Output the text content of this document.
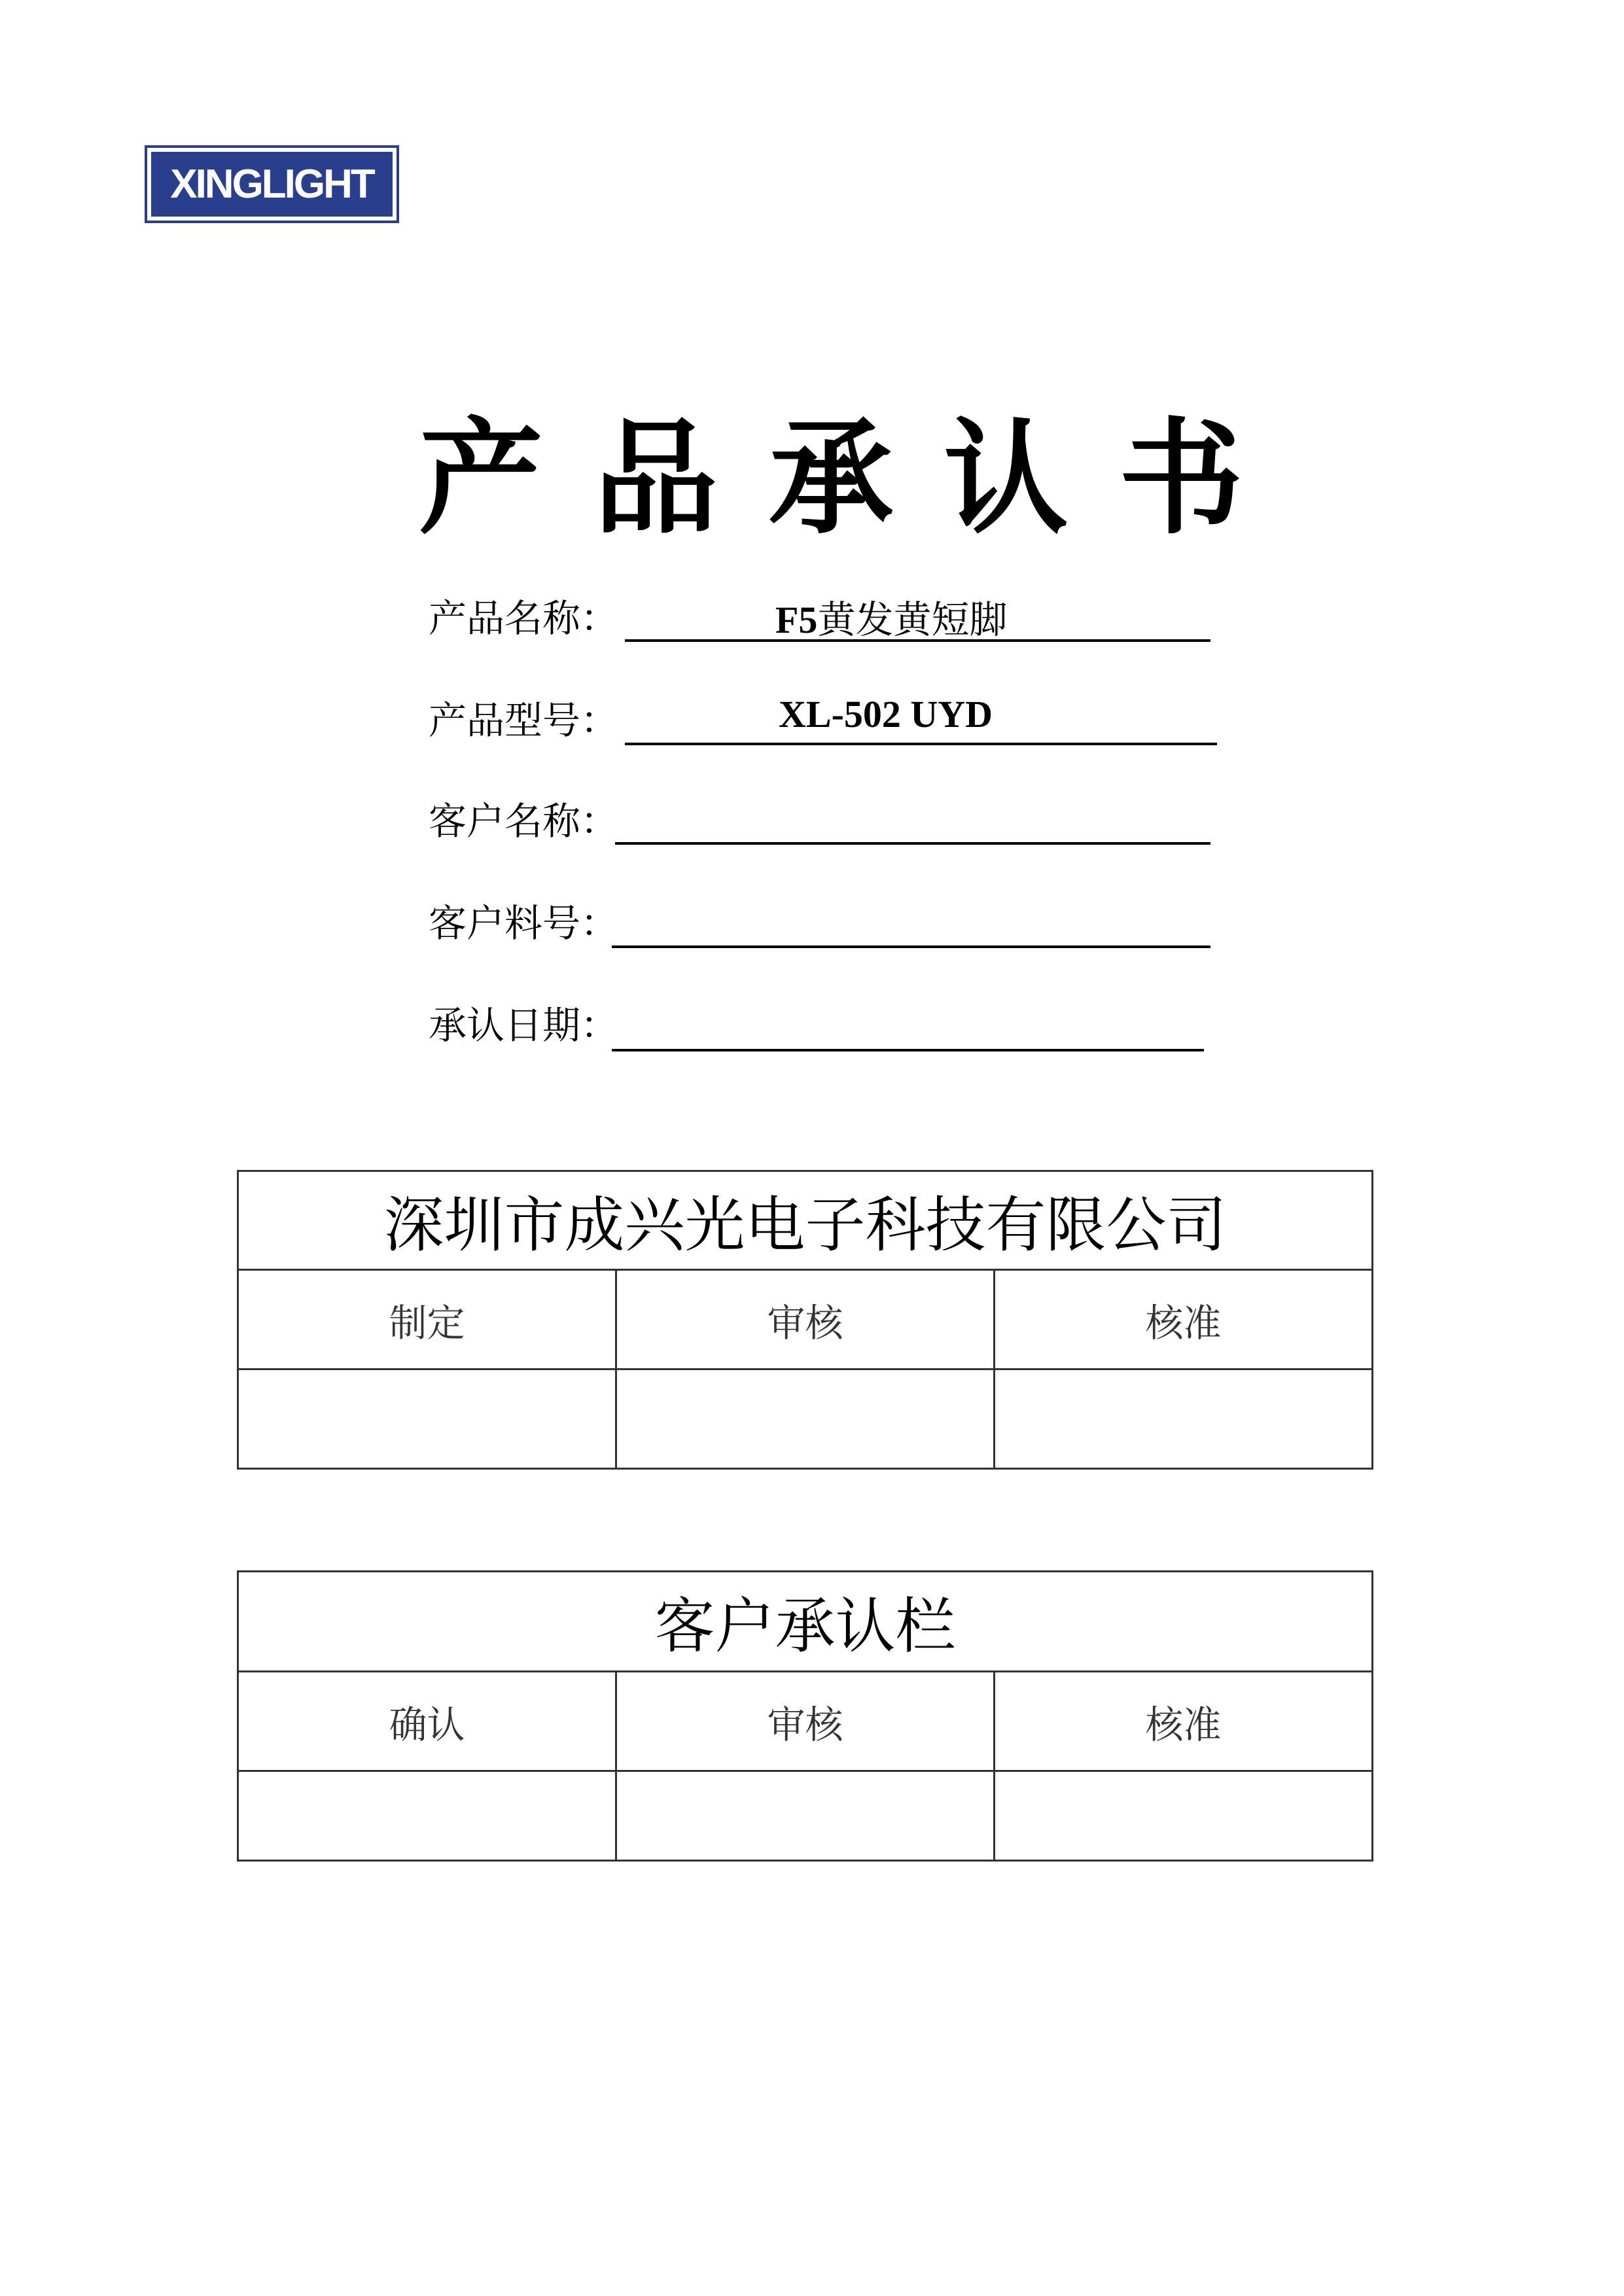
XINGLIGHT
产 品 承 认 书
产品名称：	F5黄发黄短脚
产品型号：	XL-502 UYD
客户名称：
客户料号：
承认日期：
深圳市成兴光电子科技有限公司		
制定	审核	核准

客户承认栏		
确认	审核	核准
